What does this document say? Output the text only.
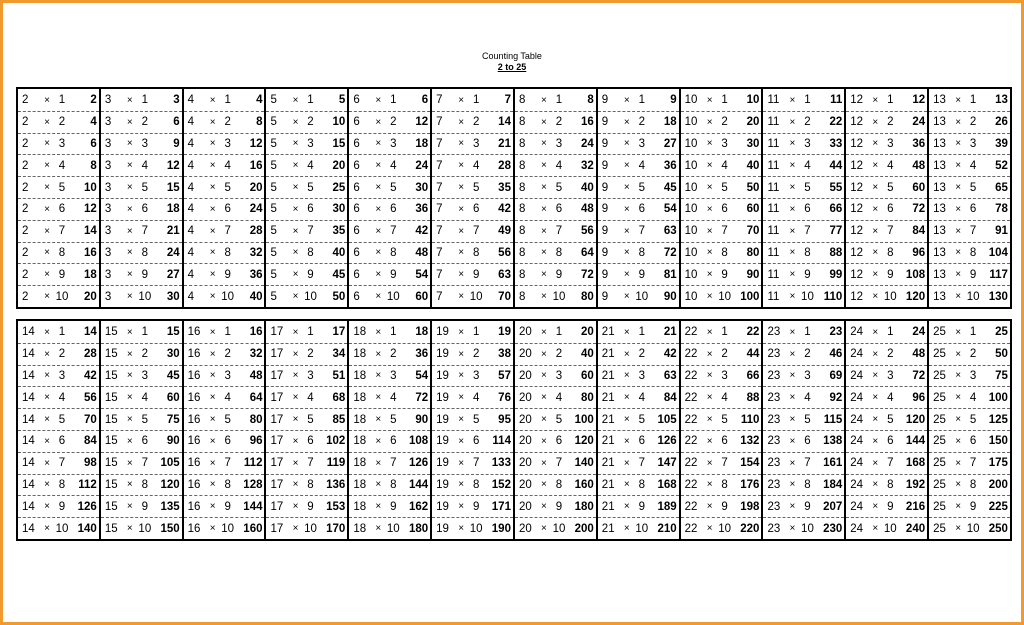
Counting Table
2 to 25
2	× 1	2
2	× 2	4
2	× 3	6
2	× 4	8
2	× 5	10
2	× 6	12
2	× 7	14
2	× 8	16
2	× 9	18
2	× 10	20
3	× 1	3
3	× 2	6
3	× 3	9
3	× 4	12
3	× 5	15
3	× 6	18
3	× 7	21
3	× 8	24
3	× 9	27
3	× 10	30
4	× 1	4
4	× 2	8
4	× 3	12
4	× 4	16
4	× 5	20
4	× 6	24
4	× 7	28
4	× 8	32
4	× 9	36
4	× 10	40
5	× 1	5
5	× 2	10
5	× 3	15
5	× 4	20
5	× 5	25
5	× 6	30
5	× 7	35
5	× 8	40
5	× 9	45
5	× 10	50
6	× 1	6
6	× 2	12
6	× 3	18
6	× 4	24
6	× 5	30
6	× 6	36
6	× 7	42
6	× 8	48
6	× 9	54
6	× 10	60
7	× 1	7
7	× 2	14
7	× 3	21
7	× 4	28
7	× 5	35
7	× 6	42
7	× 7	49
7	× 8	56
7	× 9	63
7	× 10	70
8	× 1	8
8	× 2	16
8	× 3	24
8	× 4	32
8	× 5	40
8	× 6	48
8	× 7	56
8	× 8	64
8	× 9	72
8	× 10	80
9	× 1	9
9	× 2	18
9	× 3	27
9	× 4	36
9	× 5	45
9	× 6	54
9	× 7	63
9	× 8	72
9	× 9	81
9	× 10	90
10 × 1	10
10 × 2	20
10 × 3	30
10 × 4	40
10 × 5	50
10 × 6	60
10 × 7	70
10 × 8	80
10 × 9	90
10 × 10 100
11	× 1	11
11	× 2	22
11	× 3	33
11	× 4	44
11	× 5	55
11	× 6	66
11	× 7	77
11	× 8	88
11	× 9	99
11	× 10 110
12 × 1	12
12 × 2	24
12 × 3	36
12 × 4	48
12 × 5	60
12 × 6	72
12 × 7	84
12 × 8	96
12 × 9	108
12 × 10 120
13 × 1	13
13 × 2	26
13 × 3	39
13 × 4	52
13 × 5	65
13 × 6	78
13 × 7	91
13 × 8	104
13 × 9	117
13 × 10 130
14 × 1	14
14 × 2	28
14 × 3	42
14 × 4	56
14 × 5	70
14 × 6	84
14 × 7	98
14 × 8	112
14 × 9	126
14 × 10 140
15 × 1	15
15 × 2	30
15 × 3	45
15 × 4	60
15 × 5	75
15 × 6	90
15 × 7	105
15 × 8	120
15 × 9	135
15 × 10 150
16 × 1	16
16 × 2	32
16 × 3	48
16 × 4	64
16 × 5	80
16 × 6	96
16 × 7	112
16 × 8	128
16 × 9	144
16 × 10 160
17 × 1	17
17 × 2	34
17 × 3	51
17 × 4	68
17 × 5	85
17 × 6	102
17 × 7	119
17 × 8	136
17 × 9	153
17 × 10 170
18 × 1	18
18 × 2	36
18 × 3	54
18 × 4	72
18 × 5	90
18 × 6	108
18 × 7	126
18 × 8	144
18 × 9	162
18 × 10 180
19 × 1	19
19 × 2	38
19 × 3	57
19 × 4	76
19 × 5	95
19 × 6	114
19 × 7	133
19 × 8	152
19 × 9	171
19 × 10 190
20 × 1	20
20 × 2	40
20 × 3	60
20 × 4	80
20 × 5	100
20 × 6	120
20 × 7	140
20 × 8	160
20 × 9	180
20 × 10 200
21 × 1	21
21 × 2	42
21 × 3	63
21 × 4	84
21 × 5	105
21 × 6	126
21 × 7	147
21 × 8	168
21 × 9	189
21 × 10 210
22 × 1	22
22 × 2	44
22 × 3	66
22 × 4	88
22 × 5	110
22 × 6	132
22 × 7	154
22 × 8	176
22 × 9	198
22 × 10 220
23 × 1	23
23 × 2	46
23 × 3	69
23 × 4	92
23 × 5	115
23 × 6	138
23 × 7	161
23 × 8	184
23 × 9	207
23 × 10 230
24 × 1	24
24 × 2	48
24 × 3	72
24 × 4	96
24 × 5	120
24 × 6	144
24 × 7	168
24 × 8	192
24 × 9	216
24 × 10 240
25 × 1	25
25 × 2	50
25 × 3	75
25 × 4	100
25 × 5	125
25 × 6	150
25 × 7	175
25 × 8	200
25 × 9	225
25 × 10 250
